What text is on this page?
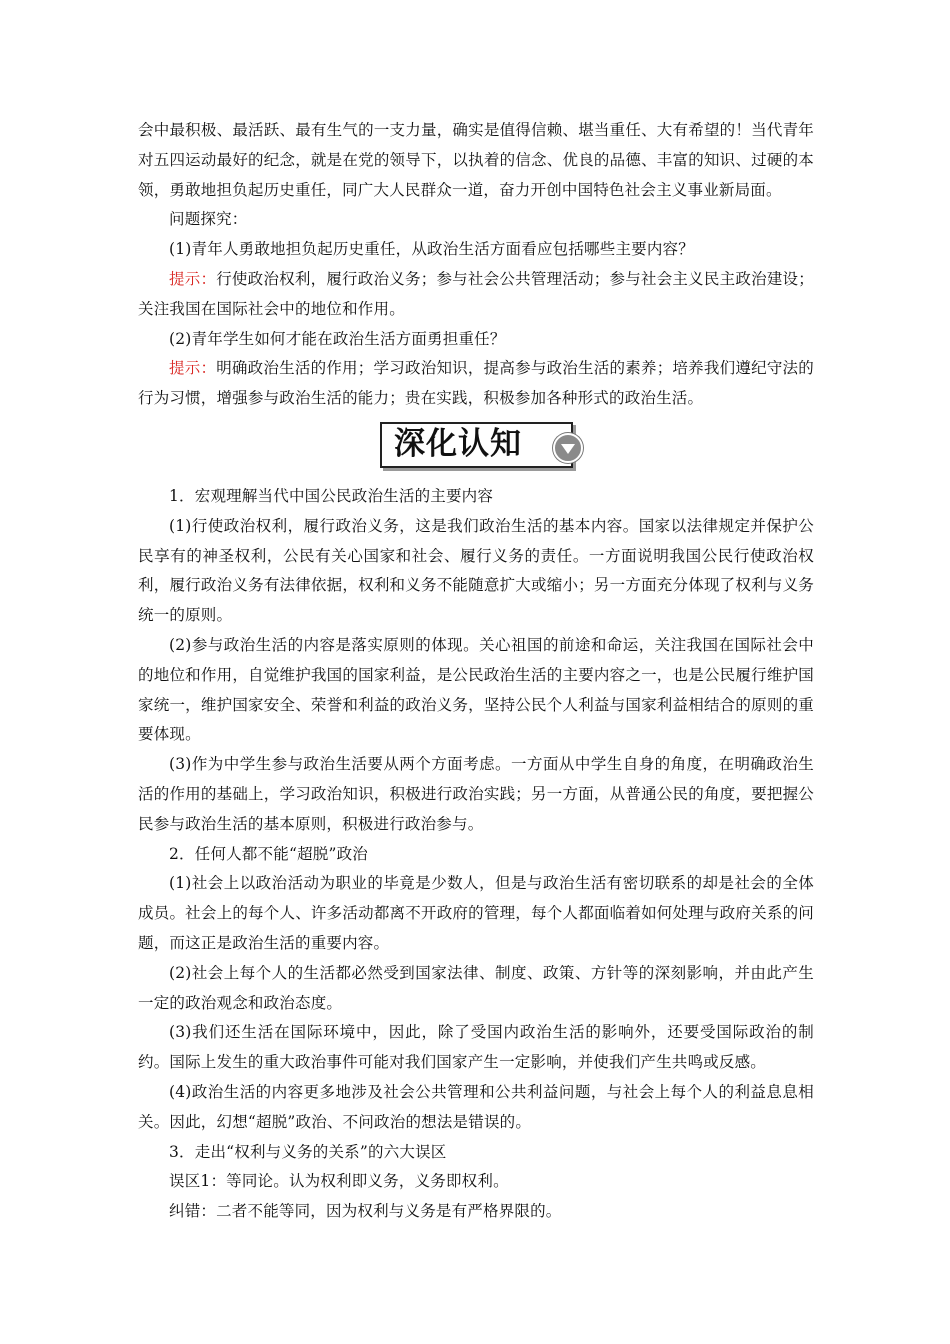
会中最积极、最活跃、最有生气的一支力量，确实是值得信赖、堪当重任、大有希望的！当代青年对五四运动最好的纪念，就是在党的领导下，以执着的信念、优良的品德、丰富的知识、过硬的本领，勇敢地担负起历史重任，同广大人民群众一道，奋力开创中国特色社会主义事业新局面。

问题探究：

(1)青年人勇敢地担负起历史重任，从政治生活方面看应包括哪些主要内容？

提示：行使政治权利，履行政治义务；参与社会公共管理活动；参与社会主义民主政治建设；关注我国在国际社会中的地位和作用。

(2)青年学生如何才能在政治生活方面勇担重任？

提示：明确政治生活的作用；学习政治知识，提高参与政治生活的素养；培养我们遵纪守法的行为习惯，增强参与政治生活的能力；贵在实践，积极参加各种形式的政治生活。

深化认知

1．宏观理解当代中国公民政治生活的主要内容

(1)行使政治权利，履行政治义务，这是我们政治生活的基本内容。国家以法律规定并保护公民享有的神圣权利，公民有关心国家和社会、履行义务的责任。一方面说明我国公民行使政治权利，履行政治义务有法律依据，权利和义务不能随意扩大或缩小；另一方面充分体现了权利与义务统一的原则。

(2)参与政治生活的内容是落实原则的体现。关心祖国的前途和命运，关注我国在国际社会中的地位和作用，自觉维护我国的国家利益，是公民政治生活的主要内容之一，也是公民履行维护国家统一，维护国家安全、荣誉和利益的政治义务，坚持公民个人利益与国家利益相结合的原则的重要体现。

(3)作为中学生参与政治生活要从两个方面考虑。一方面从中学生自身的角度，在明确政治生活的作用的基础上，学习政治知识，积极进行政治实践；另一方面，从普通公民的角度，要把握公民参与政治生活的基本原则，积极进行政治参与。

2．任何人都不能“超脱”政治

(1)社会上以政治活动为职业的毕竟是少数人，但是与政治生活有密切联系的却是社会的全体成员。社会上的每个人、许多活动都离不开政府的管理，每个人都面临着如何处理与政府关系的问题，而这正是政治生活的重要内容。

(2)社会上每个人的生活都必然受到国家法律、制度、政策、方针等的深刻影响，并由此产生一定的政治观念和政治态度。

(3)我们还生活在国际环境中，因此，除了受国内政治生活的影响外，还要受国际政治的制约。国际上发生的重大政治事件可能对我们国家产生一定影响，并使我们产生共鸣或反感。

(4)政治生活的内容更多地涉及社会公共管理和公共利益问题，与社会上每个人的利益息息相关。因此，幻想“超脱”政治、不问政治的想法是错误的。

3．走出“权利与义务的关系”的六大误区

误区1：等同论。认为权利即义务，义务即权利。

纠错：二者不能等同，因为权利与义务是有严格界限的。
